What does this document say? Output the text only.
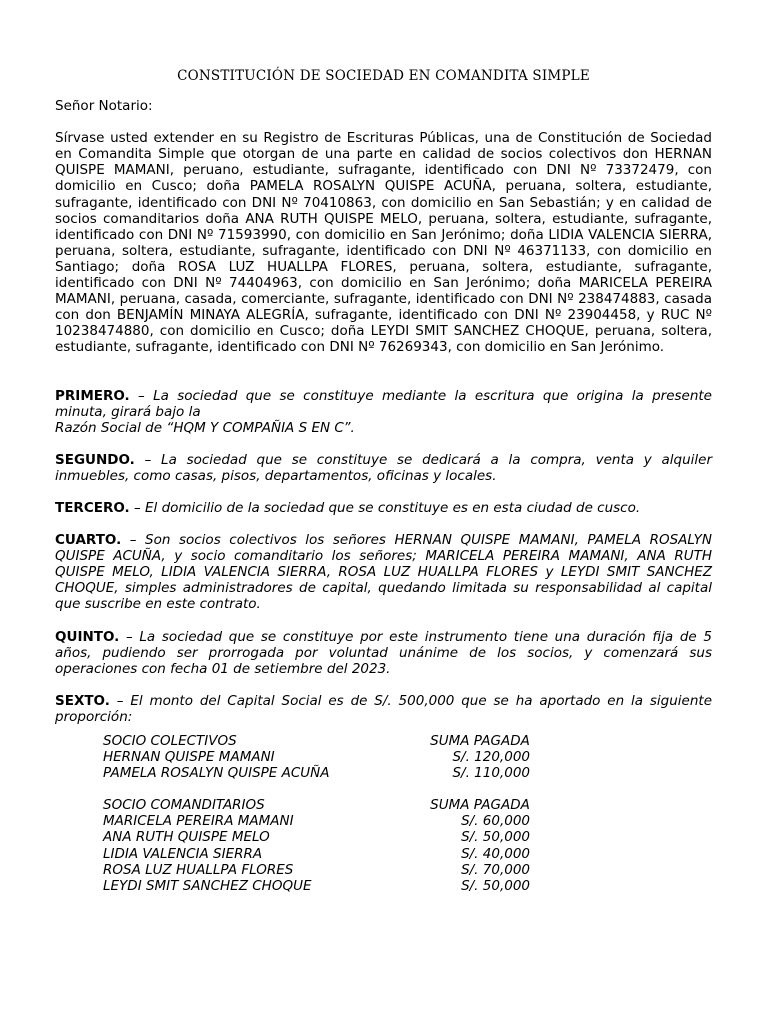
CONSTITUCIÓN DE SOCIEDAD EN COMANDITA SIMPLE
Señor Notario:
Sírvase usted extender en su Registro de Escrituras Públicas, una de Constitución de Sociedad en Comandita Simple que otorgan de una parte en calidad de socios colectivos don HERNAN QUISPE MAMANI, peruano, estudiante, sufragante, identificado con DNI Nº 73372479, con domicilio en Cusco; doña PAMELA ROSALYN QUISPE ACUÑA, peruana, soltera, estudiante, sufragante, identificado con DNI Nº 70410863, con domicilio en San Sebastián; y en calidad de socios comanditarios doña ANA RUTH QUISPE MELO, peruana, soltera, estudiante, sufragante, identificado con DNI Nº 71593990, con domicilio en San Jerónimo; doña LIDIA VALENCIA SIERRA, peruana, soltera, estudiante, sufragante, identificado con DNI Nº 46371133, con domicilio en Santiago; doña ROSA LUZ HUALLPA FLORES, peruana, soltera, estudiante, sufragante, identificado con DNI Nº 74404963, con domicilio en San Jerónimo; doña MARICELA PEREIRA MAMANI, peruana, casada, comerciante, sufragante, identificado con DNI Nº 238474883, casada con don BENJAMÍN MINAYA ALEGRÍA, sufragante, identificado con DNI Nº 23904458, y RUC Nº 10238474880, con domicilio en Cusco; doña LEYDI SMIT SANCHEZ CHOQUE, peruana, soltera, estudiante, sufragante, identificado con DNI Nº 76269343, con domicilio en San Jerónimo.
PRIMERO. – La sociedad que se constituye mediante la escritura que origina la presente minuta, girará bajo la
Razón Social de “HQM Y COMPAÑIA S EN C”.
SEGUNDO. – La sociedad que se constituye se dedicará a la compra, venta y alquiler inmuebles, como casas, pisos, departamentos, oficinas y locales.
TERCERO. – El domicilio de la sociedad que se constituye es en esta ciudad de cusco.
CUARTO. – Son socios colectivos los señores HERNAN QUISPE MAMANI, PAMELA ROSALYN QUISPE ACUÑA, y socio comanditario los señores; MARICELA PEREIRA MAMANI, ANA RUTH QUISPE MELO, LIDIA VALENCIA SIERRA, ROSA LUZ HUALLPA FLORES y LEYDI SMIT SANCHEZ CHOQUE, simples administradores de capital, quedando limitada su responsabilidad al capital que suscribe en este contrato.
QUINTO. – La sociedad que se constituye por este instrumento tiene una duración fija de 5 años, pudiendo ser prorrogada por voluntad unánime de los socios, y comenzará sus operaciones con fecha 01 de setiembre del 2023.
SEXTO. – El monto del Capital Social es de S/. 500,000 que se ha aportado en la siguiente proporción:
SOCIO COLECTIVOS	SUMA PAGADA
HERNAN QUISPE MAMANI	S/. 120,000
PAMELA ROSALYN QUISPE ACUÑA	S/. 110,000

SOCIO COMANDITARIOS	SUMA PAGADA
MARICELA PEREIRA MAMANI	S/. 60,000
ANA RUTH QUISPE MELO	S/. 50,000
LIDIA VALENCIA SIERRA	S/. 40,000
ROSA LUZ HUALLPA FLORES	S/. 70,000
LEYDI SMIT SANCHEZ CHOQUE	S/. 50,000
